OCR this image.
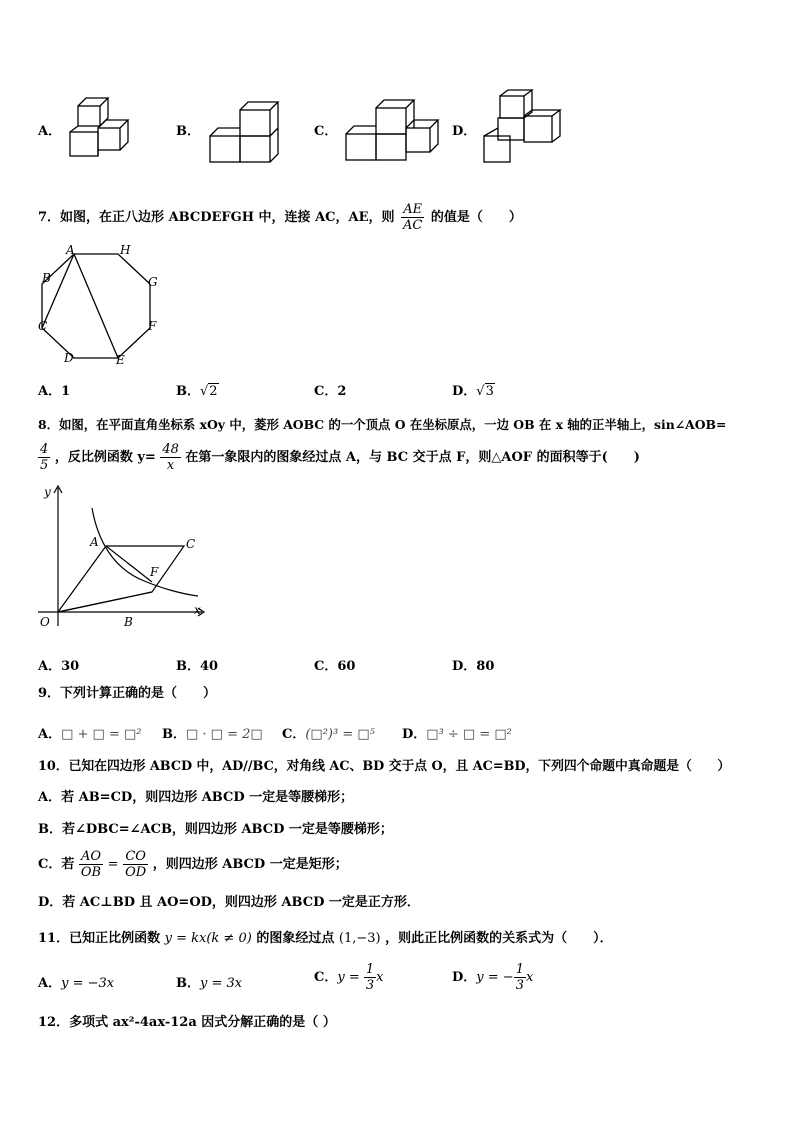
A．	B．	C．	D．
7．如图，在正八边形 ABCDEFGH 中，连接 AC，AE，则 $\frac{AE}{AC}$ 的值是（　　）
A	H
B	G
C	F
D	E
A．1	B．√2	C．2	D．√3
8．如图，在平面直角坐标系 xOy 中，菱形 AOBC 的一个顶点 O 在坐标原点，一边 OB 在 x 轴的正半轴上，sin∠AOB=
$\frac{4}{5}$ ，反比例函数 $y= \frac{48}{x}$ 在第一象限内的图象经过点 A，与 BC 交于点 F，则△AOF 的面积等于(　　)
y
A	C
F
O	B
x
A．30	B．40	C．60	D．80
9．下列计算正确的是（　　）
A．□ + □ = □² B．□ · □ = 2□ C．(□²)³ = □⁵ D．□³ ÷ □ = □²
10．已知在四边形 ABCD 中，AD//BC，对角线 AC、BD 交于点 O，且 AC=BD，下列四个命题中真命题是（　　）
A．若 AB=CD，则四边形 ABCD 一定是等腰梯形；
B．若∠DBC=∠ACB，则四边形 ABCD 一定是等腰梯形；
C．若 $\frac{AO}{OB} = \frac{CO}{OD}$ ，则四边形 ABCD 一定是矩形；
D．若 AC⊥BD 且 AO=OD，则四边形 ABCD 一定是正方形．
11．已知正比例函数 y = kx(k ≠ 0) 的图象经过点 (1,−3) ，则此正比例函数的关系式为（　　）．
A．y = −3x	B．y = 3x	C．$y = \frac{1}{3}$ x	D．y = − $\frac{1}{3}$ x
12．多项式 ax²-4ax-12a 因式分解正确的是（ ）
